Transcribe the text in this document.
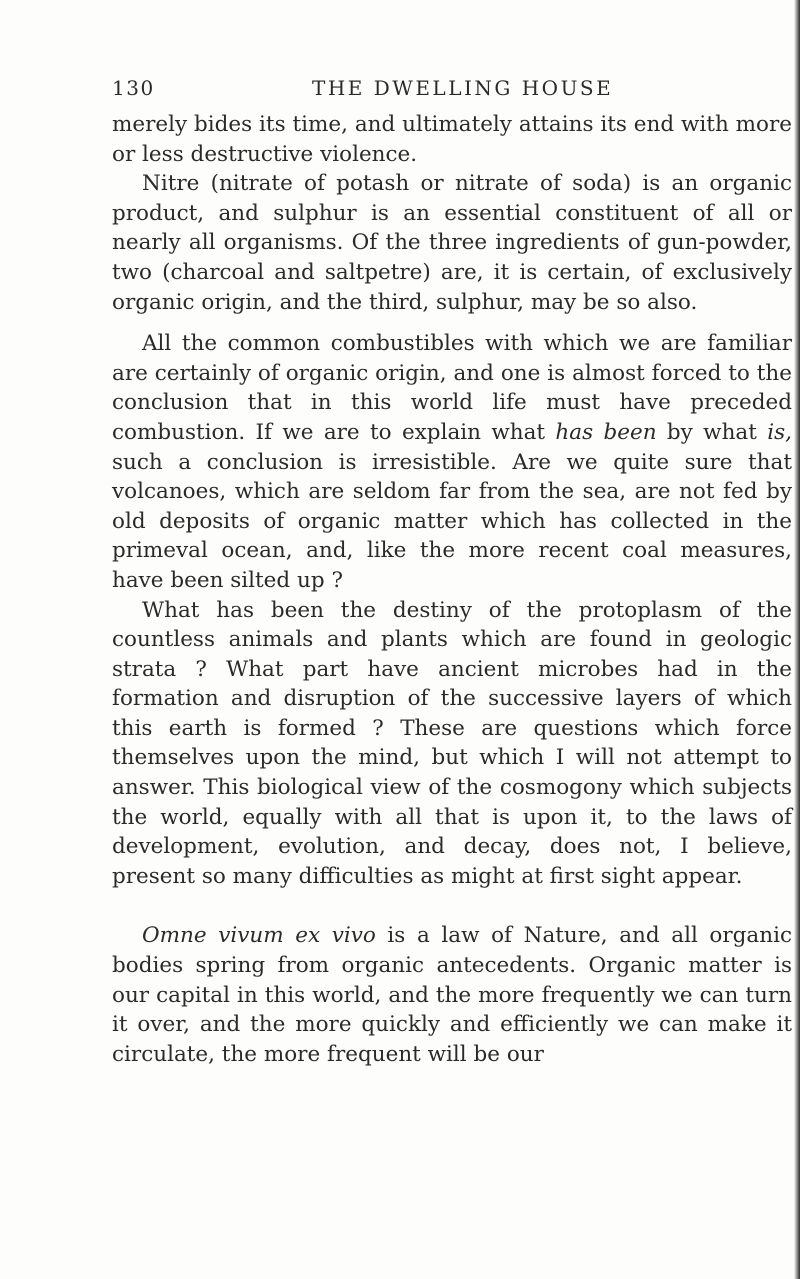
130	THE DWELLING HOUSE

merely bides its time, and ultimately attains its end with more or less destructive violence.

Nitre (nitrate of potash or nitrate of soda) is an organic product, and sulphur is an essential constituent of all or nearly all organisms. Of the three ingredients of gun-powder, two (charcoal and saltpetre) are, it is certain, of exclusively organic origin, and the third, sulphur, may be so also.

All the common combustibles with which we are familiar are certainly of organic origin, and one is almost forced to the conclusion that in this world life must have preceded combustion. If we are to explain what has been by what is, such a conclusion is irresistible. Are we quite sure that volcanoes, which are seldom far from the sea, are not fed by old deposits of organic matter which has collected in the primeval ocean, and, like the more recent coal measures, have been silted up ?

What has been the destiny of the protoplasm of the countless animals and plants which are found in geologic strata ? What part have ancient microbes had in the formation and disruption of the successive layers of which this earth is formed ? These are questions which force themselves upon the mind, but which I will not attempt to answer. This biological view of the cosmogony which subjects the world, equally with all that is upon it, to the laws of development, evolution, and decay, does not, I believe, present so many difficulties as might at first sight appear.

Omne vivum ex vivo is a law of Nature, and all organic bodies spring from organic antecedents. Organic matter is our capital in this world, and the more frequently we can turn it over, and the more quickly and efficiently we can make it circulate, the more frequent will be our
